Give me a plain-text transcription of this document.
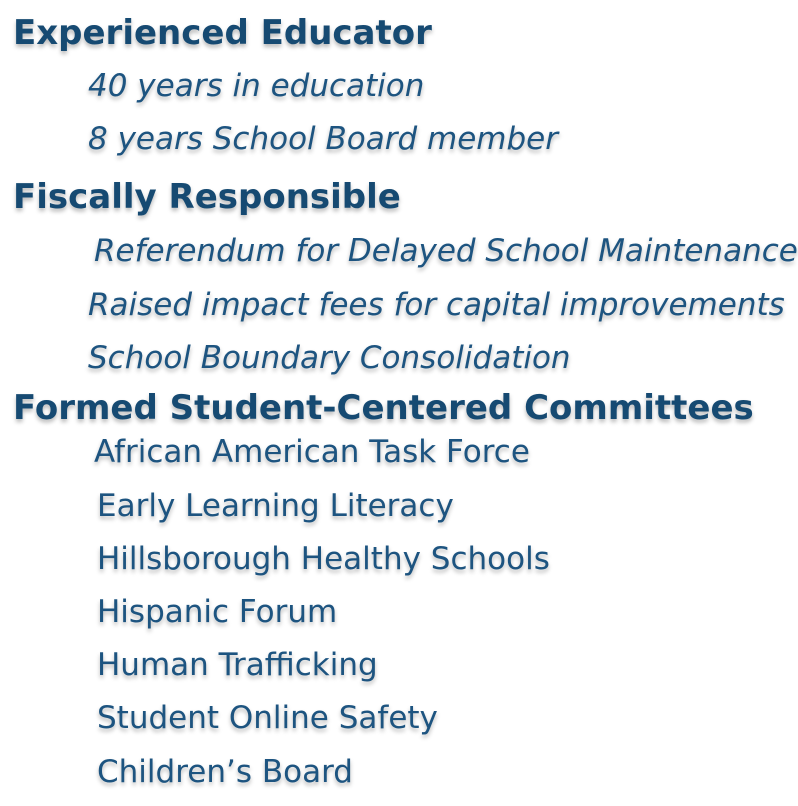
Experienced Educator
40 years in education
8 years School Board member
Fiscally Responsible
Referendum for Delayed School Maintenance
Raised impact fees for capital improvements
School Boundary Consolidation
Formed Student-Centered Committees
African American Task Force
Early Learning Literacy
Hillsborough Healthy Schools
Hispanic Forum
Human Trafficking
Student Online Safety
Children’s Board
